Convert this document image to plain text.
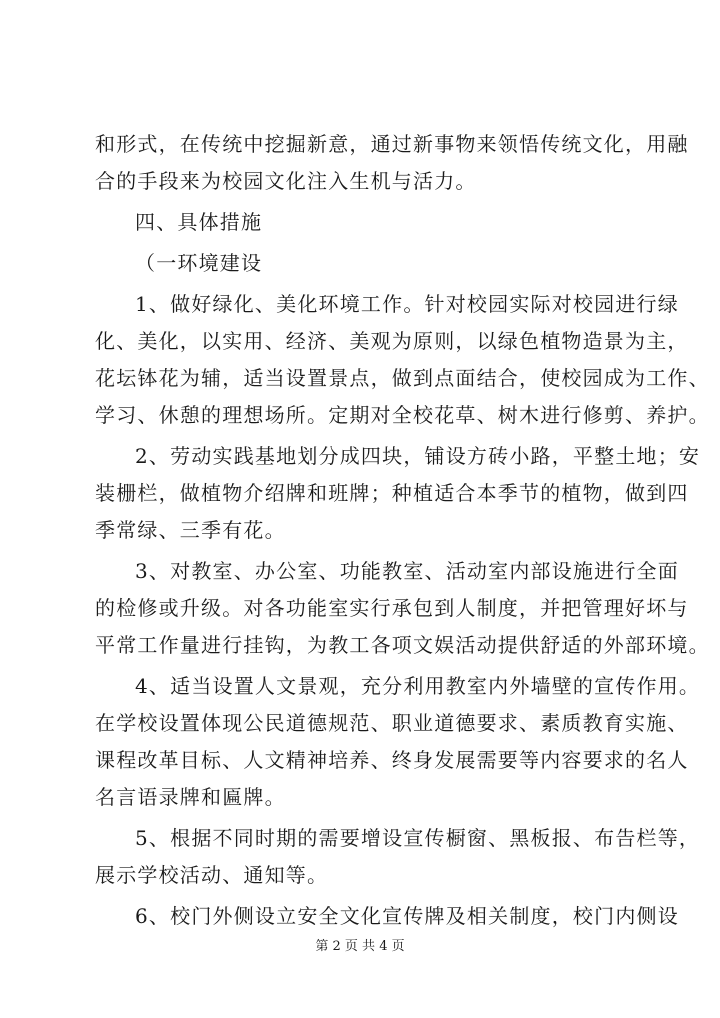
和形式，在传统中挖掘新意，通过新事物来领悟传统文化，用融
合的手段来为校园文化注入生机与活力。
四、具体措施
（一环境建设
1、做好绿化、美化环境工作。针对校园实际对校园进行绿
化、美化，以实用、经济、美观为原则，以绿色植物造景为主，
花坛钵花为辅，适当设置景点，做到点面结合，使校园成为工作、
学习、休憩的理想场所。定期对全校花草、树木进行修剪、养护。
2、劳动实践基地划分成四块，铺设方砖小路，平整土地；安
装栅栏，做植物介绍牌和班牌；种植适合本季节的植物，做到四
季常绿、三季有花。
3、对教室、办公室、功能教室、活动室内部设施进行全面
的检修或升级。对各功能室实行承包到人制度，并把管理好坏与
平常工作量进行挂钩，为教工各项文娱活动提供舒适的外部环境。
4、适当设置人文景观，充分利用教室内外墙壁的宣传作用。
在学校设置体现公民道德规范、职业道德要求、素质教育实施、
课程改革目标、人文精神培养、终身发展需要等内容要求的名人
名言语录牌和匾牌。
5、根据不同时期的需要增设宣传橱窗、黑板报、布告栏等，
展示学校活动、通知等。
6、校门外侧设立安全文化宣传牌及相关制度，校门内侧设
第 2 页 共 4 页
